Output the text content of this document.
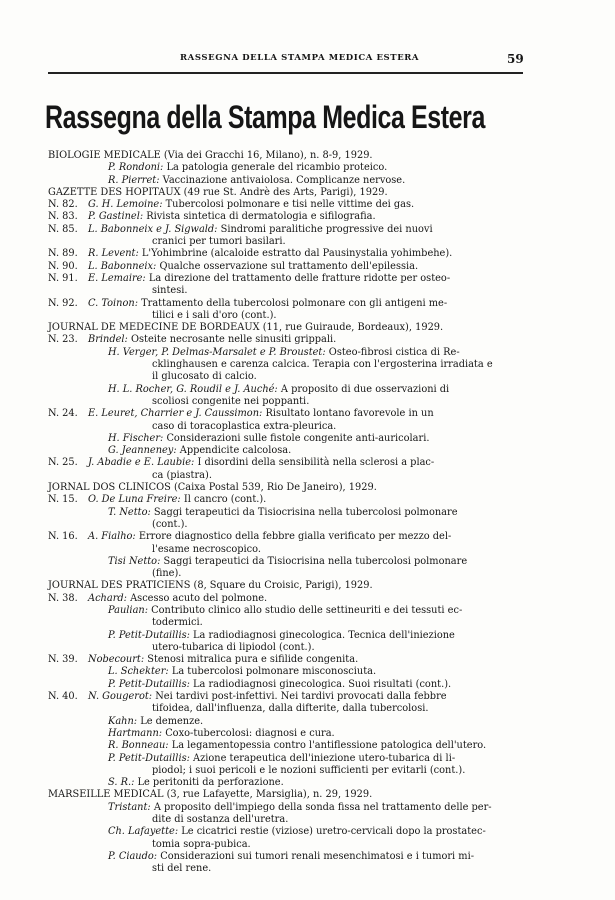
RASSEGNA DELLA STAMPA MEDICA ESTERA	59
Rassegna della Stampa Medica Estera
BIOLOGIE MEDICALE (Via dei Gracchi 16, Milano), n. 8-9, 1929.
P. Rondoni: La patologia generale del ricambio proteico.
R. Pierret: Vaccinazione antivaiolosa. Complicanze nervose.
GAZETTE DES HOPITAUX (49 rue St. Andrè des Arts, Parigi), 1929.
N. 82.	G. H. Lemoine: Tubercolosi polmonare e tisi nelle vittime dei gas.
N. 83.	P. Gastinel: Rivista sintetica di dermatologia e sifilografia.
N. 85.	L. Babonneix e J. Sigwald: Sindromi paralitiche progressive dei nuovi
cranici per tumori basilari.
N. 89.	R. Levent: L'Yohimbrine (alcaloide estratto dal Pausinystalia yohimbehe).
N. 90.	L. Babonneix: Qualche osservazione sul trattamento dell'epilessia.
N. 91.	E. Lemaire: La direzione del trattamento delle fratture ridotte per osteo-
sintesi.
N. 92.	C. Toinon: Trattamento della tubercolosi polmonare con gli antigeni me-
tilici e i sali d'oro (cont.).
JOURNAL DE MEDECINE DE BORDEAUX (11, rue Guiraude, Bordeaux), 1929.
N. 23.	Brindel: Osteite necrosante nelle sinusiti grippali.
H. Verger, P. Delmas-Marsalet e P. Broustet: Osteo-fibrosi cistica di Re-
cklinghausen e carenza calcica. Terapia con l'ergosterina irradiata e
il glucosato di calcio.
H. L. Rocher, G. Roudil e J. Auché: A proposito di due osservazioni di
scoliosi congenite nei poppanti.
N. 24.	E. Leuret, Charrier e J. Caussimon: Risultato lontano favorevole in un
caso di toracoplastica extra-pleurica.
H. Fischer: Considerazioni sulle fistole congenite anti-auricolari.
G. Jeanneney: Appendicite calcolosa.
N. 25.	J. Abadie e E. Laubie: I disordini della sensibilità nella sclerosi a plac-
ca (piastra).
JORNAL DOS CLINICOS (Caixa Postal 539, Rio De Janeiro), 1929.
N. 15.	O. De Luna Freire: Il cancro (cont.).
T. Netto: Saggi terapeutici da Tisiocrisina nella tubercolosi polmonare
(cont.).
N. 16.	A. Fialho: Errore diagnostico della febbre gialla verificato per mezzo del-
l'esame necroscopico.
Tisi Netto: Saggi terapeutici da Tisiocrisina nella tubercolosi polmonare
(fine).
JOURNAL DES PRATICIENS (8, Square du Croisic, Parigi), 1929.
N. 38.	Achard: Ascesso acuto del polmone.
Paulian: Contributo clinico allo studio delle settineuriti e dei tessuti ec-
todermici.
P. Petit-Dutaillis: La radiodiagnosi ginecologica. Tecnica dell'iniezione
utero-tubarica di lipiodol (cont.).
N. 39.	Nobecourt: Stenosi mitralica pura e sifilide congenita.
L. Schekter: La tubercolosi polmonare misconosciuta.
P. Petit-Dutaillis: La radiodiagnosi ginecologica. Suoi risultati (cont.).
N. 40.	N. Gougerot: Nei tardivi post-infettivi. Nei tardivi provocati dalla febbre
tifoidea, dall'influenza, dalla difterite, dalla tubercolosi.
Kahn: Le demenze.
Hartmann: Coxo-tubercolosi: diagnosi e cura.
R. Bonneau: La legamentopessia contro l'antiflessione patologica dell'utero.
P. Petit-Dutaillis: Azione terapeutica dell'iniezione utero-tubarica di li-
piodol; i suoi pericoli e le nozioni sufficienti per evitarli (cont.).
S. R.: Le peritoniti da perforazione.
MARSEILLE MEDICAL (3, rue Lafayette, Marsiglia), n. 29, 1929.
Tristant: A proposito dell'impiego della sonda fissa nel trattamento delle per-
dite di sostanza dell'uretra.
Ch. Lafayette: Le cicatrici restie (viziose) uretro-cervicali dopo la prostatec-
tomia sopra-pubica.
P. Ciaudo: Considerazioni sui tumori renali mesenchimatosi e i tumori mi-
sti del rene.
